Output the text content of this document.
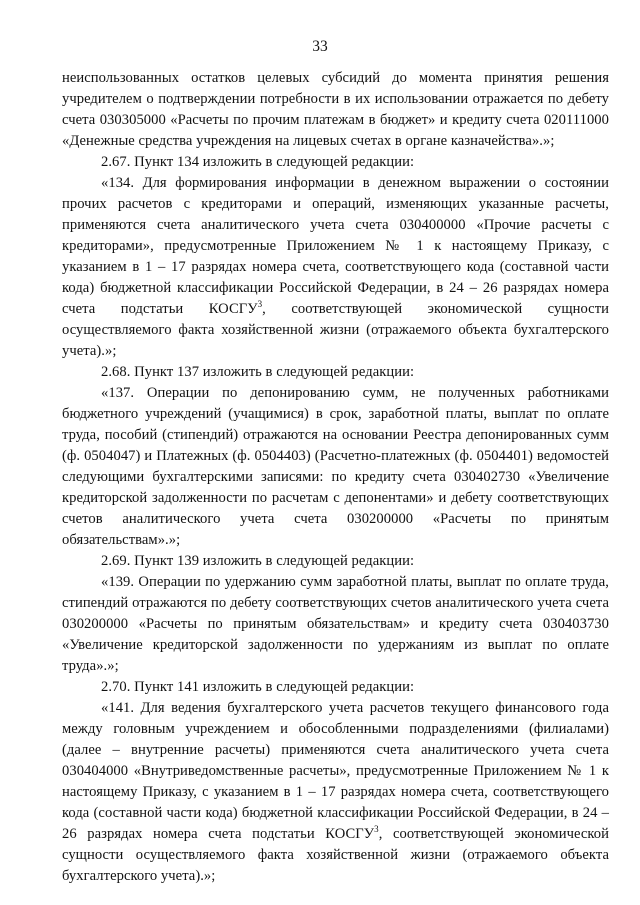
33

неиспользованных остатков целевых субсидий до момента принятия решения учредителем о подтверждении потребности в их использовании отражается по дебету счета 030305000 «Расчеты по прочим платежам в бюджет» и кредиту счета 020111000 «Денежные средства учреждения на лицевых счетах в органе казначейства».»;

2.67. Пункт 134 изложить в следующей редакции:

«134. Для формирования информации в денежном выражении о состоянии прочих расчетов с кредиторами и операций, изменяющих указанные расчеты, применяются счета аналитического учета счета 030400000 «Прочие расчеты с кредиторами», предусмотренные Приложением № 1 к настоящему Приказу, с указанием в 1 – 17 разрядах номера счета, соответствующего кода (составной части кода) бюджетной классификации Российской Федерации, в 24 – 26 разрядах номера счета подстатьи КОСГУ$^3$, соответствующей экономической сущности осуществляемого факта хозяйственной жизни (отражаемого объекта бухгалтерского учета).»;

2.68. Пункт 137 изложить в следующей редакции:

«137. Операции по депонированию сумм, не полученных работниками бюджетного учреждений (учащимися) в срок, заработной платы, выплат по оплате труда, пособий (стипендий) отражаются на основании Реестра депонированных сумм (ф. 0504047) и Платежных (ф. 0504403) (Расчетно-платежных (ф. 0504401) ведомостей следующими бухгалтерскими записями: по кредиту счета 030402730 «Увеличение кредиторской задолженности по расчетам с депонентами» и дебету соответствующих счетов аналитического учета счета 030200000 «Расчеты по принятым обязательствам».»;

2.69. Пункт 139 изложить в следующей редакции:

«139. Операции по удержанию сумм заработной платы, выплат по оплате труда, стипендий отражаются по дебету соответствующих счетов аналитического учета счета 030200000 «Расчеты по принятым обязательствам» и кредиту счета 030403730 «Увеличение кредиторской задолженности по удержаниям из выплат по оплате труда».»;

2.70. Пункт 141 изложить в следующей редакции:

«141. Для ведения бухгалтерского учета расчетов текущего финансового года между головным учреждением и обособленными подразделениями (филиалами) (далее – внутренние расчеты) применяются счета аналитического учета счета 030404000 «Внутриведомственные расчеты», предусмотренные Приложением № 1 к настоящему Приказу, с указанием в 1 – 17 разрядах номера счета, соответствующего кода (составной части кода) бюджетной классификации Российской Федерации, в 24 – 26 разрядах номера счета подстатьи КОСГУ$^3$, соответствующей экономической сущности осуществляемого факта хозяйственной жизни (отражаемого объекта бухгалтерского учета).»;
